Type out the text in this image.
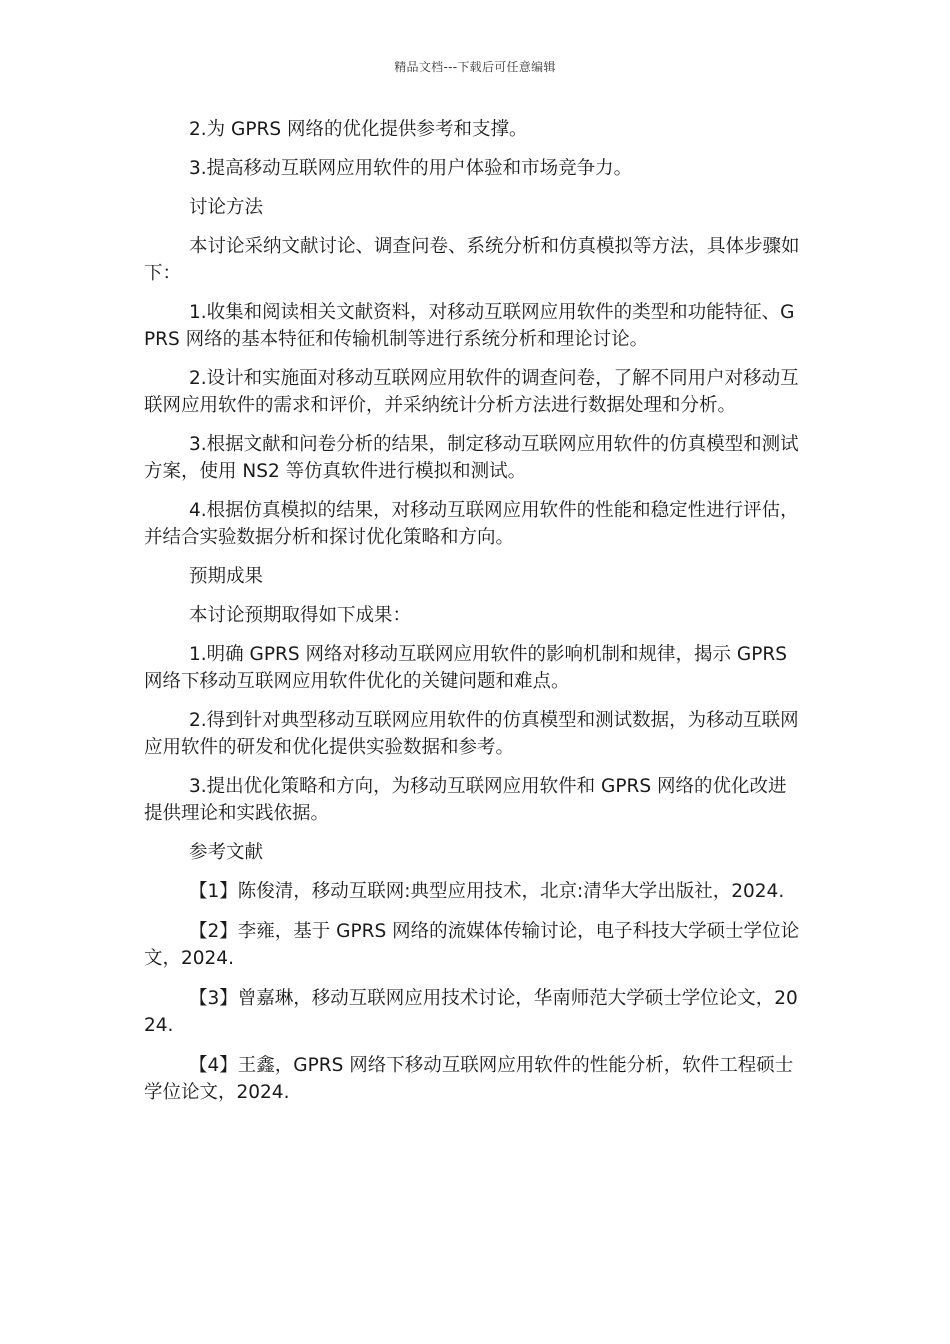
精品文档---下载后可任意编辑

2.为 GPRS 网络的优化提供参考和支撑。

3.提高移动互联网应用软件的用户体验和市场竞争力。

讨论方法

本讨论采纳文献讨论、调查问卷、系统分析和仿真模拟等方法，具体步骤如下：

1.收集和阅读相关文献资料，对移动互联网应用软件的类型和功能特征、GPRS 网络的基本特征和传输机制等进行系统分析和理论讨论。

2.设计和实施面对移动互联网应用软件的调查问卷，了解不同用户对移动互联网应用软件的需求和评价，并采纳统计分析方法进行数据处理和分析。

3.根据文献和问卷分析的结果，制定移动互联网应用软件的仿真模型和测试方案，使用 NS2 等仿真软件进行模拟和测试。

4.根据仿真模拟的结果，对移动互联网应用软件的性能和稳定性进行评估，并结合实验数据分析和探讨优化策略和方向。

预期成果

本讨论预期取得如下成果：

1.明确 GPRS 网络对移动互联网应用软件的影响机制和规律，揭示 GPRS 网络下移动互联网应用软件优化的关键问题和难点。

2.得到针对典型移动互联网应用软件的仿真模型和测试数据，为移动互联网应用软件的研发和优化提供实验数据和参考。

3.提出优化策略和方向，为移动互联网应用软件和 GPRS 网络的优化改进提供理论和实践依据。

参考文献

【1】陈俊清，移动互联网:典型应用技术，北京:清华大学出版社，2024.

【2】李雍，基于 GPRS 网络的流媒体传输讨论，电子科技大学硕士学位论文，2024.

【3】曾嘉琳，移动互联网应用技术讨论，华南师范大学硕士学位论文，2024.

【4】王鑫，GPRS 网络下移动互联网应用软件的性能分析，软件工程硕士学位论文，2024.
